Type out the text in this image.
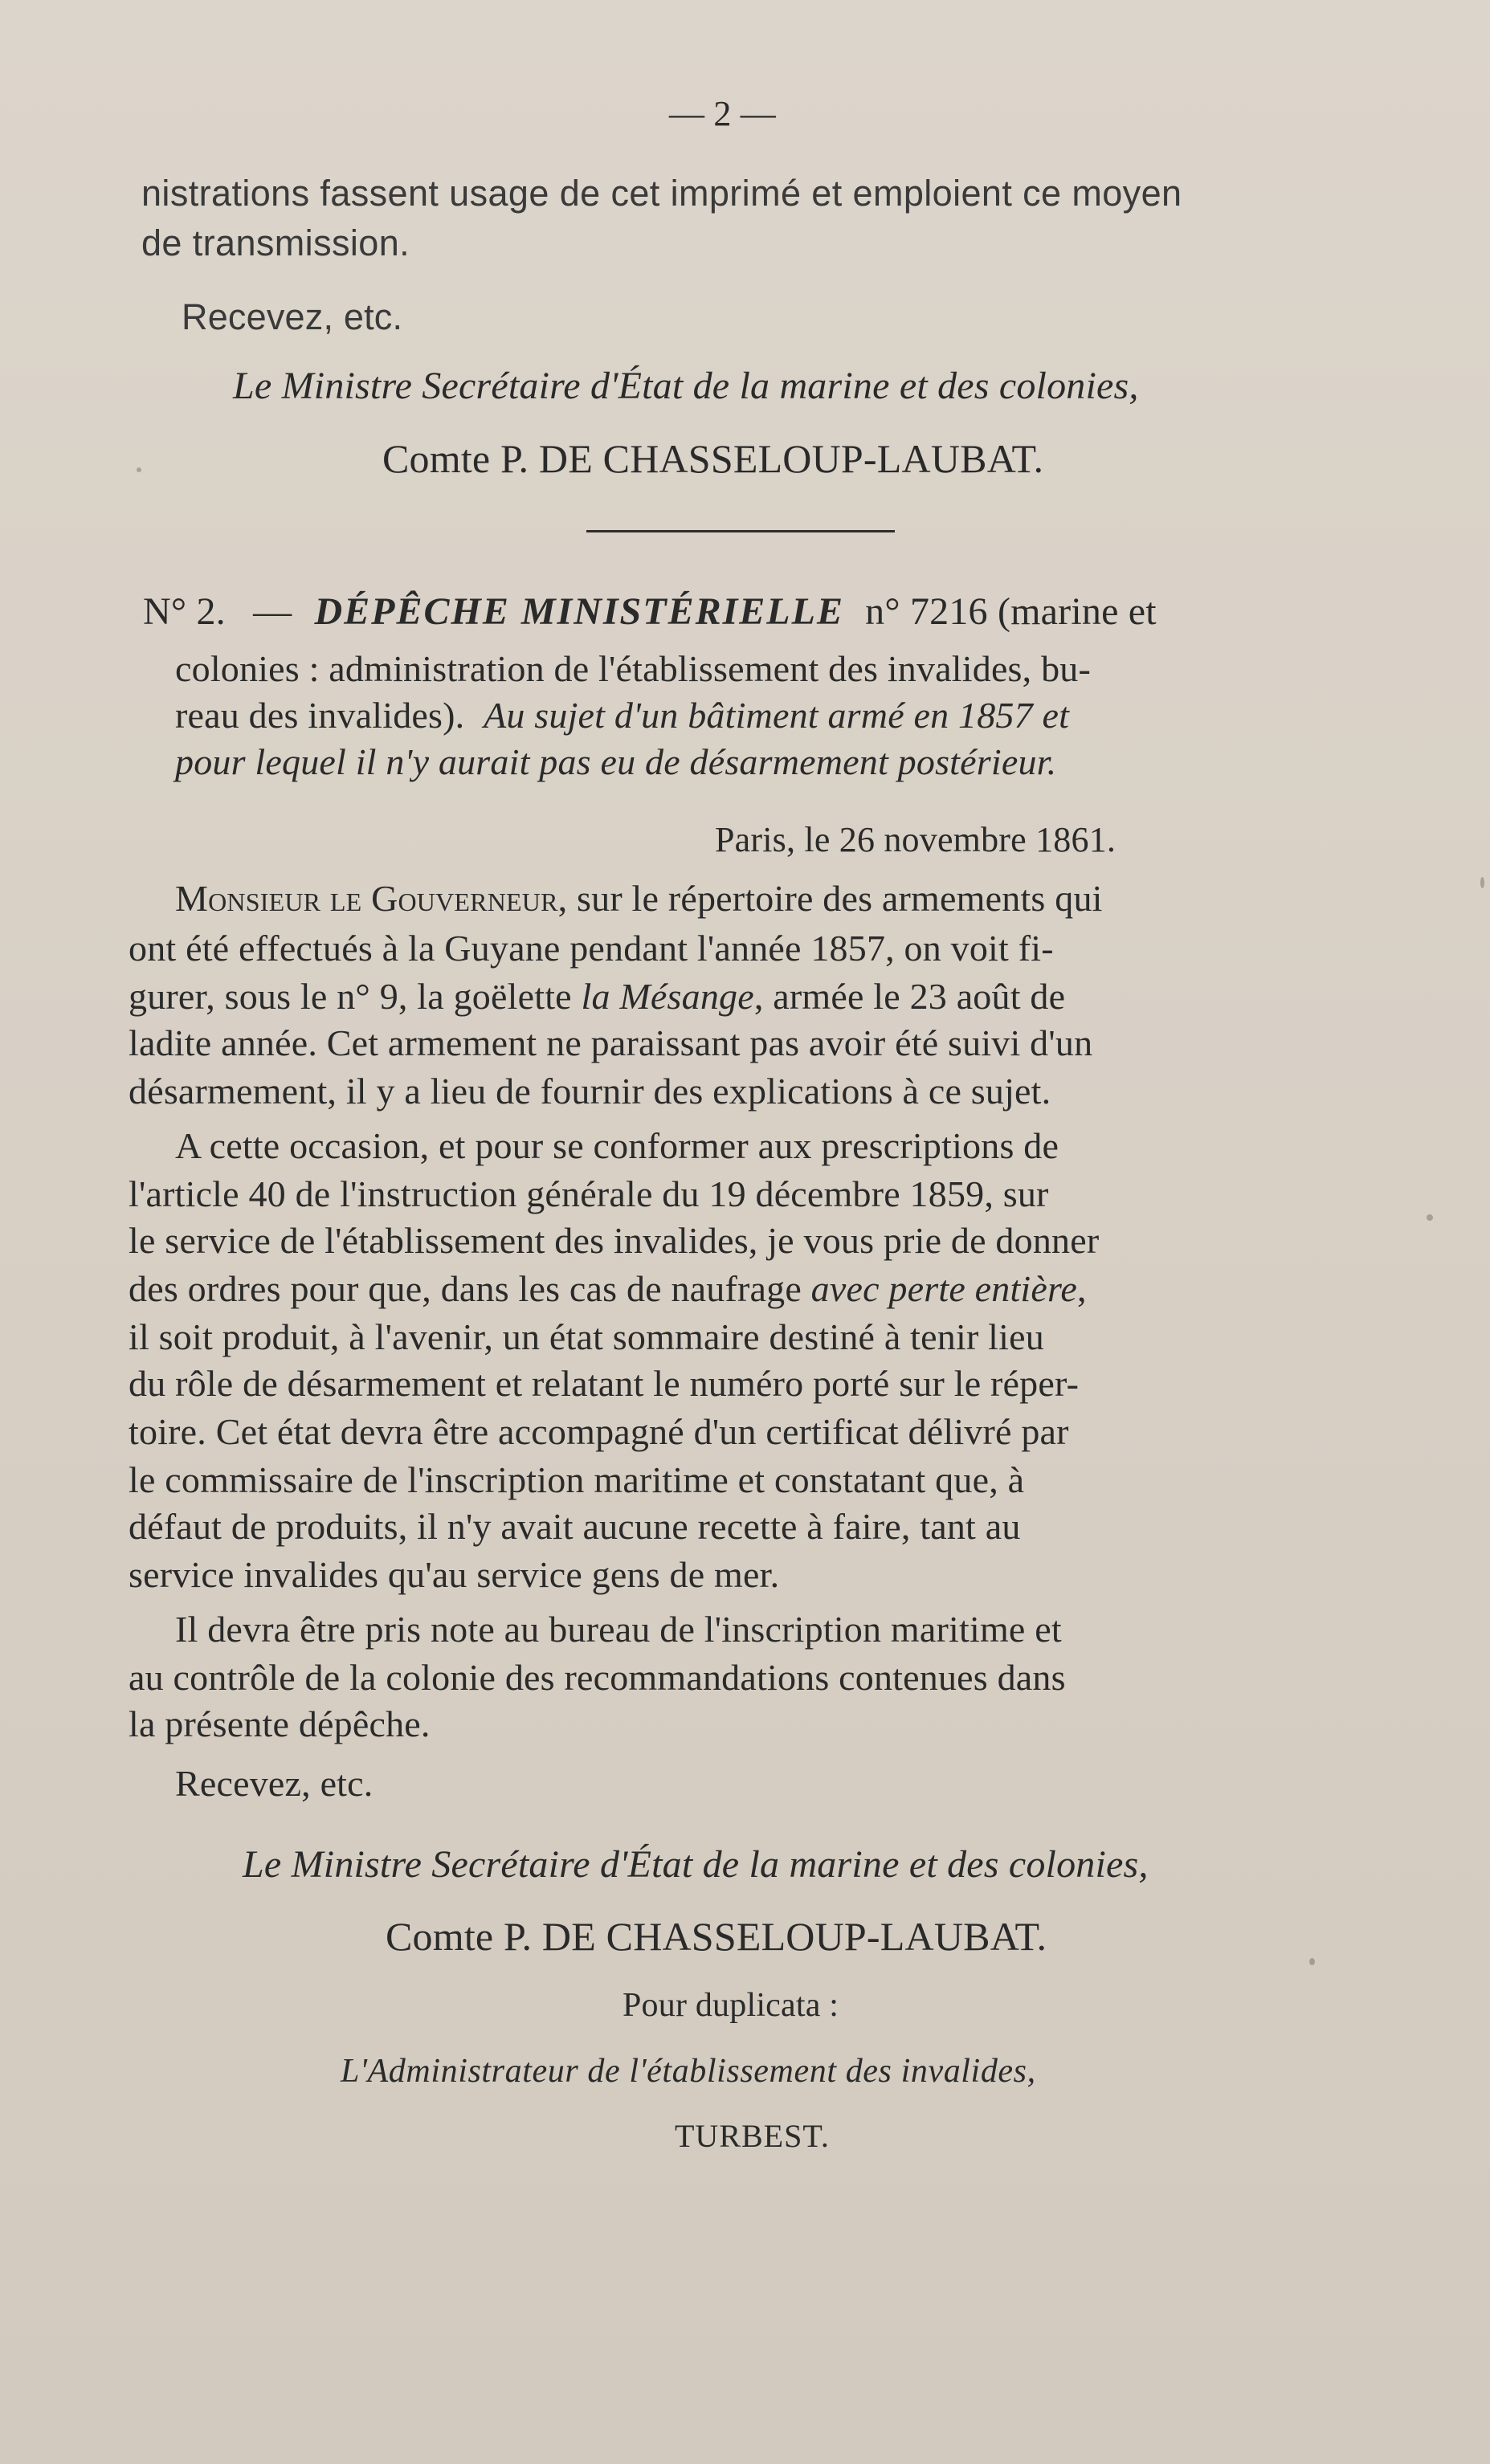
— 2 —
nistrations fassent usage de cet imprimé et emploient ce moyen
de transmission.
Recevez, etc.
Le Ministre Secrétaire d'État de la marine et des colonies,
Comte P. DE CHASSELOUP-LAUBAT.
N° 2. — DÉPÊCHE MINISTÉRIELLE n° 7216 (marine et
colonies : administration de l'établissement des invalides, bu-
reau des invalides). Au sujet d'un bâtiment armé en 1857 et
pour lequel il n'y aurait pas eu de désarmement postérieur.
Paris, le 26 novembre 1861.
Monsieur le Gouverneur, sur le répertoire des armements qui
ont été effectués à la Guyane pendant l'année 1857, on voit fi-
gurer, sous le n° 9, la goëlette la Mésange, armée le 23 août de
ladite année. Cet armement ne paraissant pas avoir été suivi d'un
désarmement, il y a lieu de fournir des explications à ce sujet.
A cette occasion, et pour se conformer aux prescriptions de
l'article 40 de l'instruction générale du 19 décembre 1859, sur
le service de l'établissement des invalides, je vous prie de donner
des ordres pour que, dans les cas de naufrage avec perte entière,
il soit produit, à l'avenir, un état sommaire destiné à tenir lieu
du rôle de désarmement et relatant le numéro porté sur le réper-
toire. Cet état devra être accompagné d'un certificat délivré par
le commissaire de l'inscription maritime et constatant que, à
défaut de produits, il n'y avait aucune recette à faire, tant au
service invalides qu'au service gens de mer.
Il devra être pris note au bureau de l'inscription maritime et
au contrôle de la colonie des recommandations contenues dans
la présente dépêche.
Recevez, etc.
Le Ministre Secrétaire d'État de la marine et des colonies,
Comte P. DE CHASSELOUP-LAUBAT.
Pour duplicata :
L'Administrateur de l'établissement des invalides,
TURBEST.
